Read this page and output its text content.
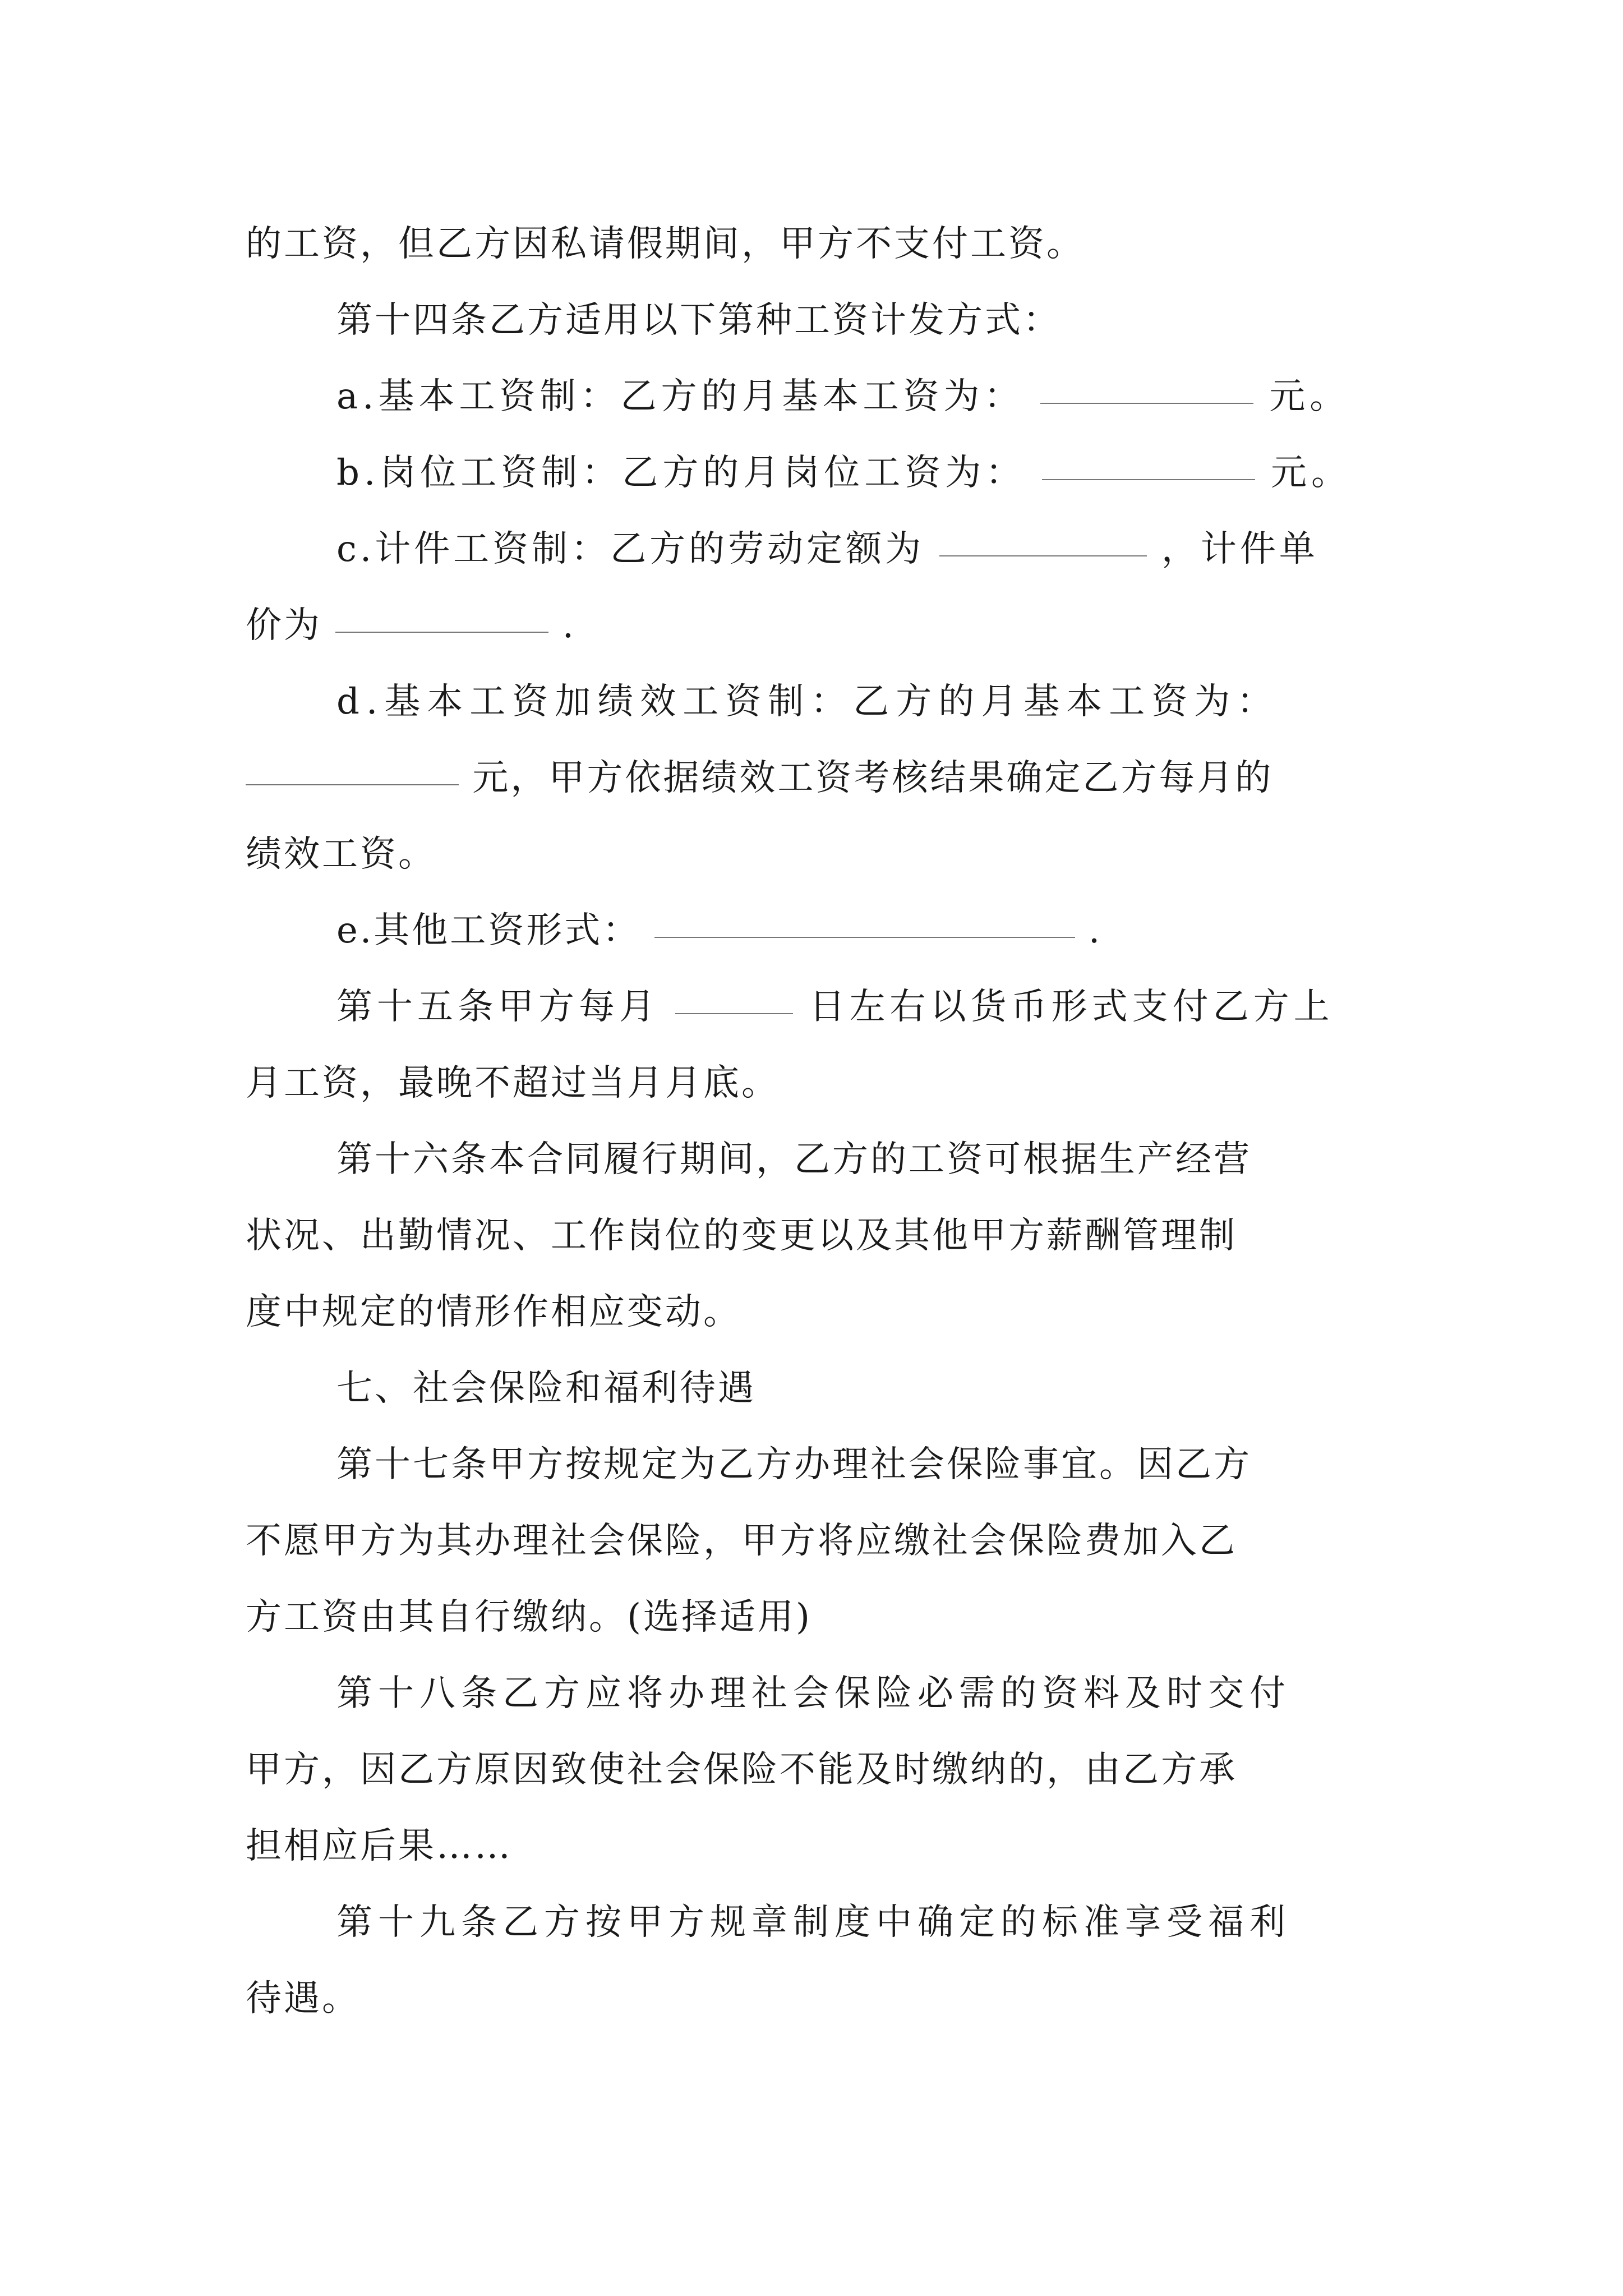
的工资，但乙方因私请假期间，甲方不支付工资。
第十四条乙方适用以下第种工资计发方式：
a.基本工资制：乙方的月基本工资为：	元。
b.岗位工资制：乙方的月岗位工资为：	元。
c.计件工资制：乙方的劳动定额为	，计件单
价为	.
d.基本工资加绩效工资制：乙方的月基本工资为：
元，甲方依据绩效工资考核结果确定乙方每月的
绩效工资。
e.其他工资形式：	.
第十五条甲方每月	日左右以货币形式支付乙方上
月工资，最晚不超过当月月底。
第十六条本合同履行期间，乙方的工资可根据生产经营
状况、出勤情况、工作岗位的变更以及其他甲方薪酬管理制
度中规定的情形作相应变动。
七、社会保险和福利待遇
第十七条甲方按规定为乙方办理社会保险事宜。因乙方
不愿甲方为其办理社会保险，甲方将应缴社会保险费加入乙
方工资由其自行缴纳。(选择适用)
第十八条乙方应将办理社会保险必需的资料及时交付
甲方，因乙方原因致使社会保险不能及时缴纳的，由乙方承
担相应后果……
第十九条乙方按甲方规章制度中确定的标准享受福利
待遇。
